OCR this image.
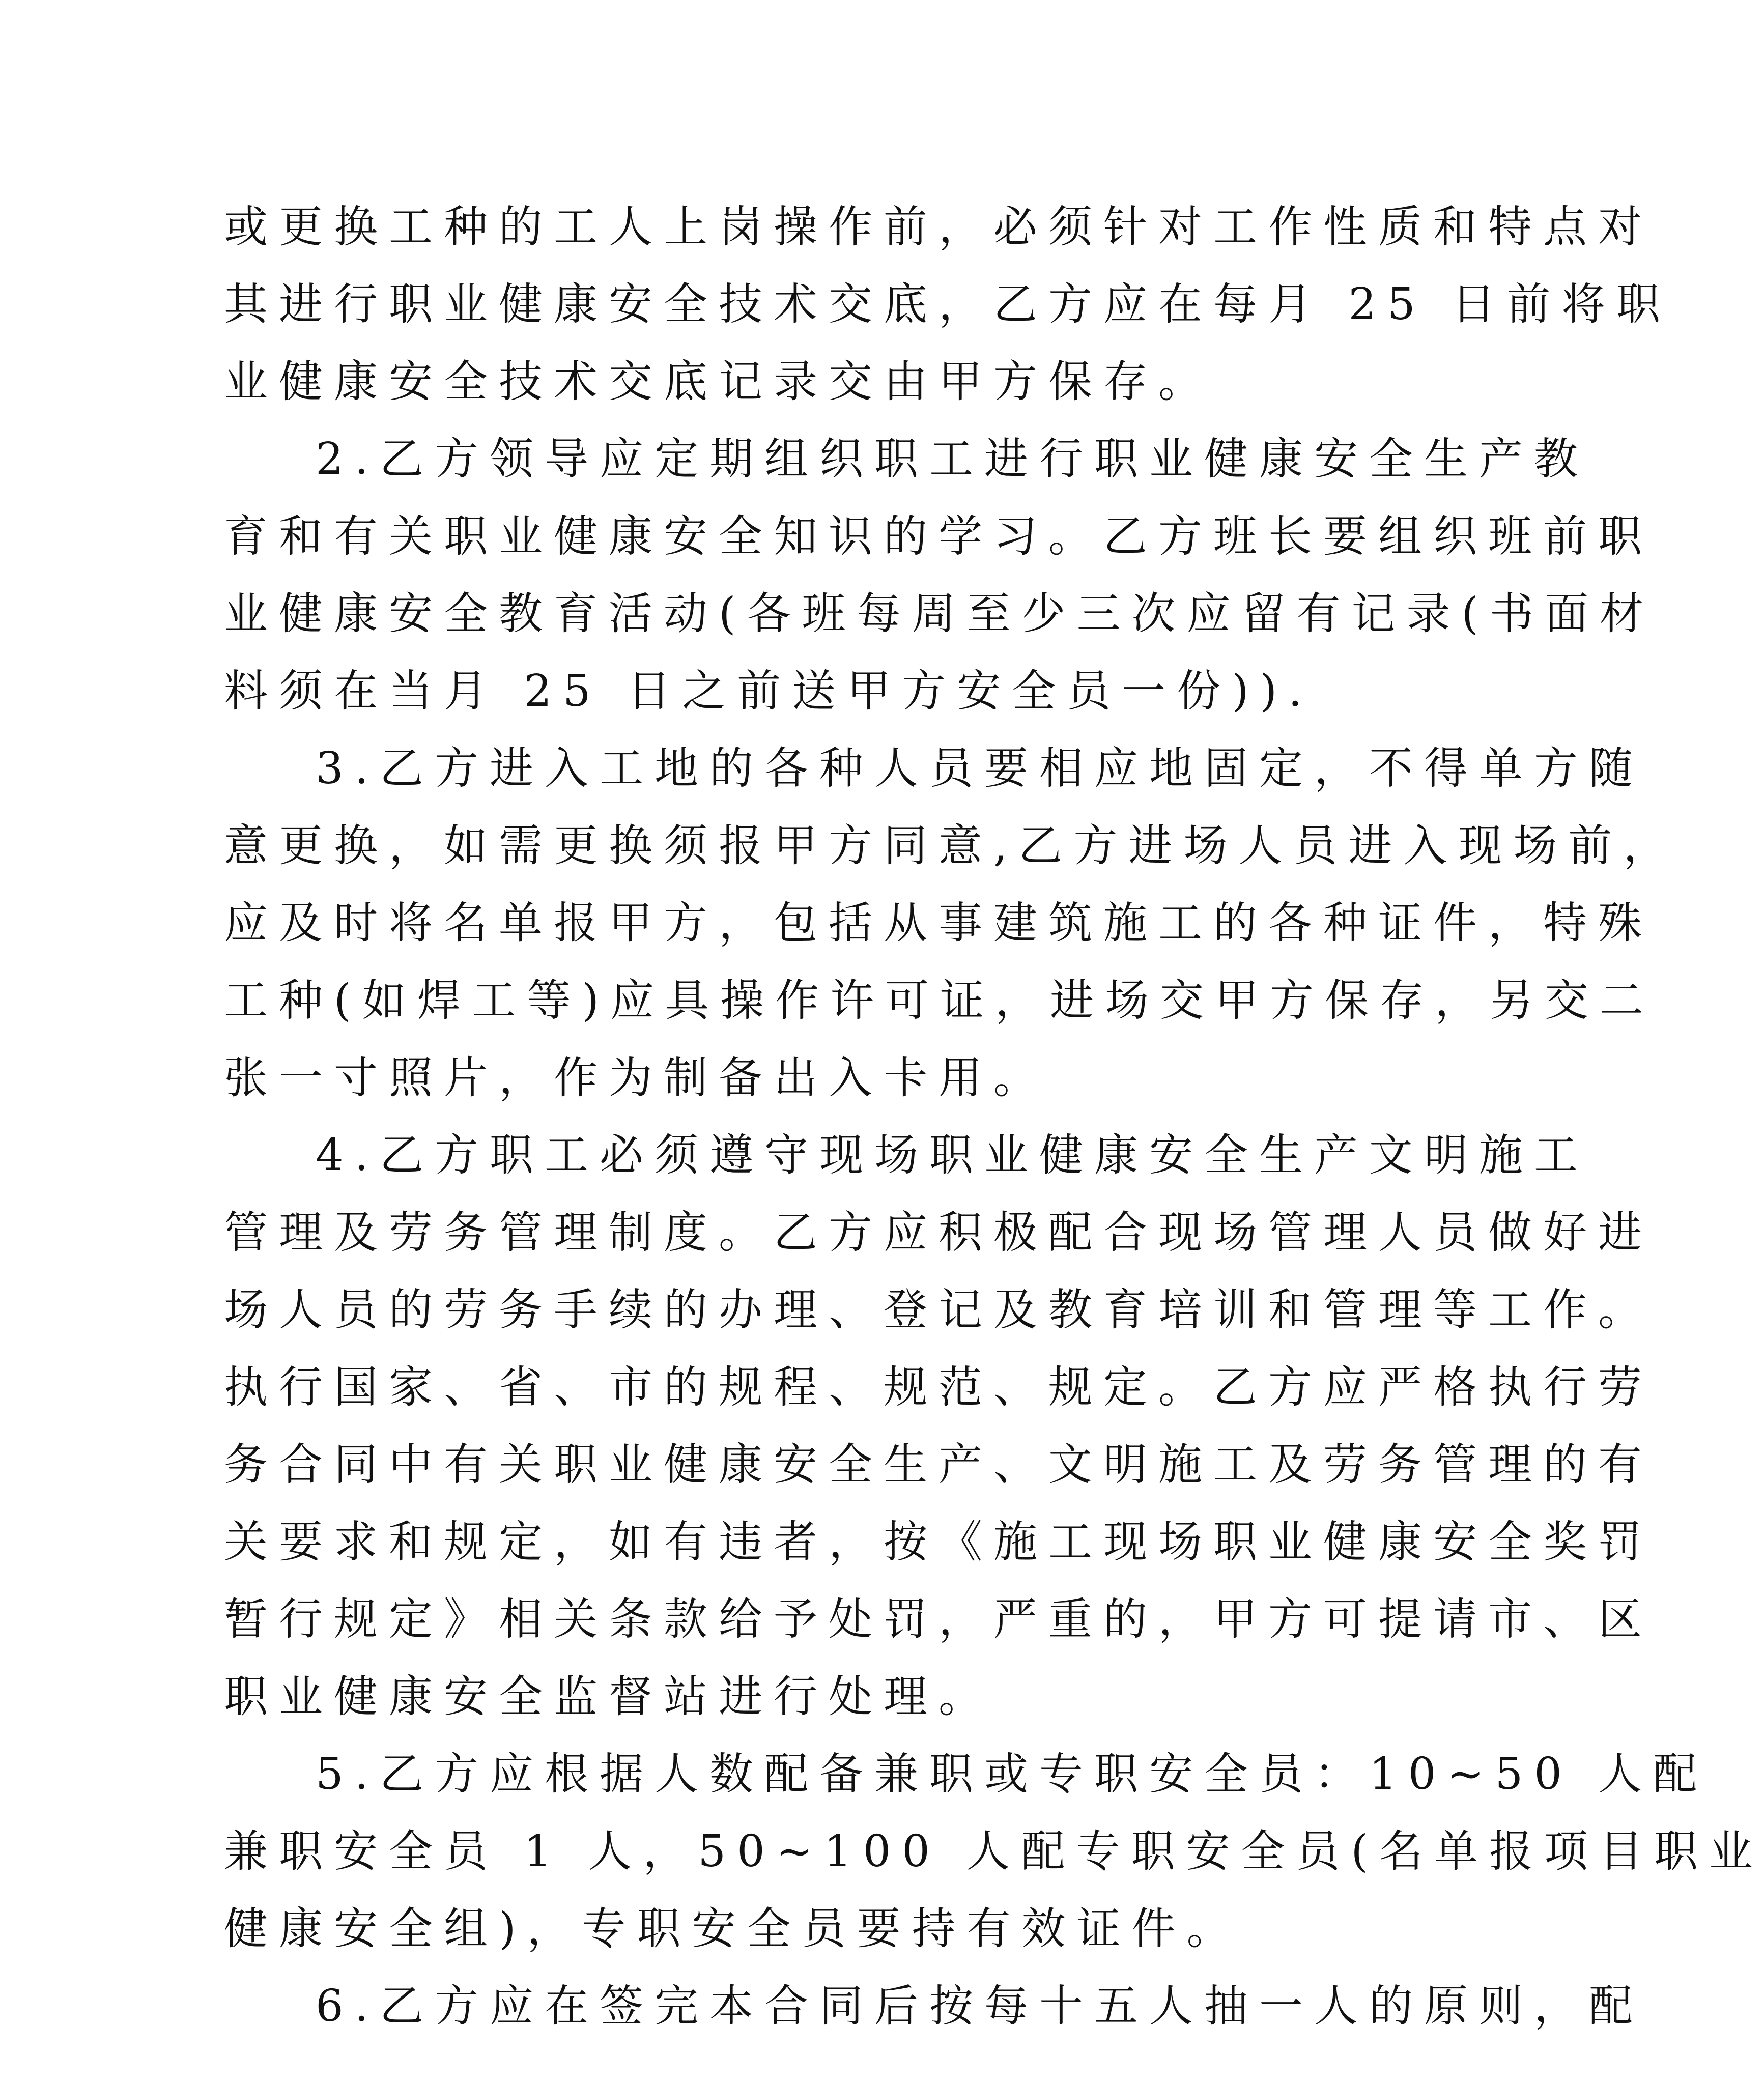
或更换工种的工人上岗操作前，必须针对工作性质和特点对
其进行职业健康安全技术交底，乙方应在每月 25 日前将职
业健康安全技术交底记录交由甲方保存。
2.乙方领导应定期组织职工进行职业健康安全生产教
育和有关职业健康安全知识的学习。乙方班长要组织班前职
业健康安全教育活动(各班每周至少三次应留有记录(书面材
料须在当月 25 日之前送甲方安全员一份)).
3.乙方进入工地的各种人员要相应地固定，不得单方随
意更换，如需更换须报甲方同意,乙方进场人员进入现场前，
应及时将名单报甲方，包括从事建筑施工的各种证件，特殊
工种(如焊工等)应具操作许可证，进场交甲方保存，另交二
张一寸照片，作为制备出入卡用。
4.乙方职工必须遵守现场职业健康安全生产文明施工
管理及劳务管理制度。乙方应积极配合现场管理人员做好进
场人员的劳务手续的办理、登记及教育培训和管理等工作。
执行国家、省、市的规程、规范、规定。乙方应严格执行劳
务合同中有关职业健康安全生产、文明施工及劳务管理的有
关要求和规定，如有违者，按《施工现场职业健康安全奖罚
暂行规定》相关条款给予处罚，严重的，甲方可提请市、区
职业健康安全监督站进行处理。
5.乙方应根据人数配备兼职或专职安全员：10~50 人配
兼职安全员 1 人，50~100 人配专职安全员(名单报项目职业
健康安全组)，专职安全员要持有效证件。
6.乙方应在签完本合同后按每十五人抽一人的原则，配
